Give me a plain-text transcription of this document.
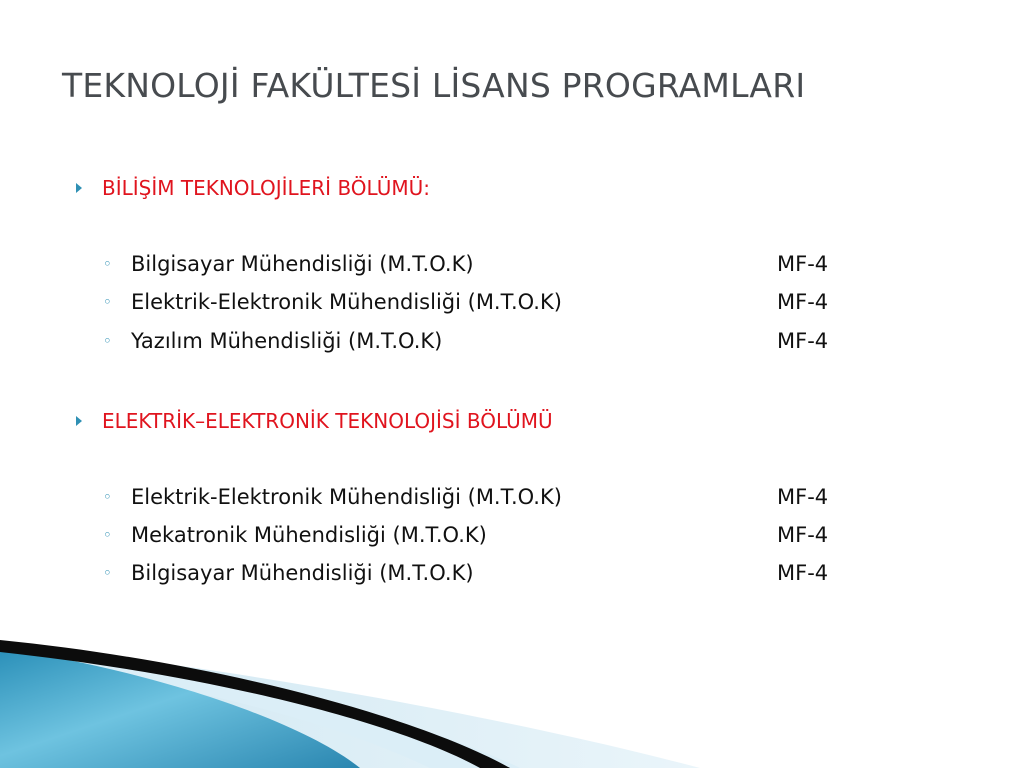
TEKNOLOJİ FAKÜLTESİ LİSANS PROGRAMLARI
BİLİŞİM TEKNOLOJİLERİ BÖLÜMÜ:
◦ Bilgisayar Mühendisliği (M.T.O.K)	MF-4
◦ Elektrik-Elektronik Mühendisliği (M.T.O.K)	MF-4
◦ Yazılım Mühendisliği (M.T.O.K)	MF-4
ELEKTRİK–ELEKTRONİK TEKNOLOJİSİ BÖLÜMÜ
◦ Elektrik-Elektronik Mühendisliği (M.T.O.K)	MF-4
◦ Mekatronik Mühendisliği (M.T.O.K)	MF-4
◦ Bilgisayar Mühendisliği (M.T.O.K)	MF-4
